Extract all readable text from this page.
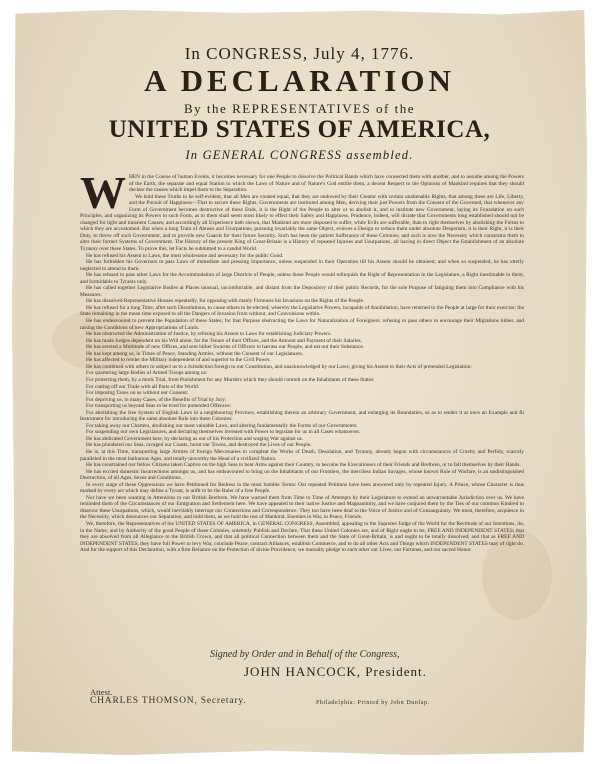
In CONGRESS, July 4, 1776.
A DECLARATION
By the REPRESENTATIVES of the
UNITED STATES OF AMERICA,
In GENERAL CONGRESS assembled.
W HEN in the Course of human Events, it becomes necessary for one People to dissolve the Political Bands which have connected them with another, and to assume among the Powers of the Earth, the separate and equal Station to which the Laws of Nature and of Nature's God entitle them, a decent Respect to the Opinions of Mankind requires that they should declare the causes which impel them to the Separation.

We hold these Truths to be self-evident, that all Men are created equal, that they are endowed by their Creator with certain unalienable Rights, that among these are Life, Liberty, and the Pursuit of Happiness—That to secure these Rights, Governments are instituted among Men, deriving their just Powers from the Consent of the Governed, that whenever any Form of Government becomes destructive of these Ends, it is the Right of the People to alter or to abolish it, and to institute new Government, laying its Foundation on such Principles, and organizing its Powers in such Form, as to them shall seem most likely to effect their Safety and Happiness. Prudence, indeed, will dictate that Governments long established should not be changed for light and transient Causes; and accordingly all Experience hath shewn, that Mankind are more disposed to suffer, while Evils are sufferable, than to right themselves by abolishing the Forms to which they are accustomed. But when a long Train of Abuses and Usurpations, pursuing invariably the same Object, evinces a Design to reduce them under absolute Despotism, it is their Right, it is their Duty, to throw off such Government, and to provide new Guards for their future Security. Such has been the patient Sufferance of these Colonies; and such is now the Necessity which constrains them to alter their former Systems of Government. The History of the present King of Great-Britain is a History of repeated Injuries and Usurpations, all having in direct Object the Establishment of an absolute Tyranny over these States. To prove this, let Facts be submitted to a candid World.

He has refused his Assent to Laws, the most wholesome and necessary for the public Good.

He has forbidden his Governors to pass Laws of immediate and pressing Importance, unless suspended in their Operation till his Assent should be obtained; and when so suspended, he has utterly neglected to attend to them.

He has refused to pass other Laws for the Accommodation of large Districts of People, unless those People would relinquish the Right of Representation in the Legislature, a Right inestimable to them, and formidable to Tyrants only.

He has called together Legislative Bodies at Places unusual, uncomfortable, and distant from the Depository of their public Records, for the sole Purpose of fatiguing them into Compliance with his Measures.

He has dissolved Representative Houses repeatedly, for opposing with manly Firmness his Invasions on the Rights of the People.

He has refused for a long Time, after such Dissolutions, to cause others to be elected; whereby the Legislative Powers, incapable of Annihilation, have returned to the People at large for their exercise; the State remaining in the mean time exposed to all the Dangers of Invasion from without, and Convulsions within.

He has endeavoured to prevent the Population of these States; for that Purpose obstructing the Laws for Naturalization of Foreigners; refusing to pass others to encourage their Migrations hither, and raising the Conditions of new Appropriations of Lands.

He has obstructed the Administration of Justice, by refusing his Assent to Laws for establishing Judiciary Powers.

He has made Judges dependent on his Will alone, for the Tenure of their Offices, and the Amount and Payment of their Salaries.

He has erected a Multitude of new Offices, and sent hither Swarms of Officers to harrass our People, and eat out their Substance.

He has kept among us, in Times of Peace, Standing Armies, without the Consent of our Legislatures.

He has affected to render the Military independent of and superior to the Civil Power.

He has combined with others to subject us to a Jurisdiction foreign to our Constitution, and unacknowledged by our Laws; giving his Assent to their Acts of pretended Legislation:

For quartering large Bodies of Armed Troops among us:

For protecting them, by a mock Trial, from Punishment for any Murders which they should commit on the Inhabitants of these States:

For cutting off our Trade with all Parts of the World:

For imposing Taxes on us without our Consent:

For depriving us, in many Cases, of the Benefits of Trial by Jury:

For transporting us beyond Seas to be tried for pretended Offences:

For abolishing the free System of English Laws in a neighbouring Province, establishing therein an arbitrary Government, and enlarging its Boundaries, so as to render it at once an Example and fit Instrument for introducing the same absolute Rule into these Colonies:

For taking away our Charters, abolishing our most valuable Laws, and altering fundamentally the Forms of our Governments:

For suspending our own Legislatures, and declaring themselves invested with Power to legislate for us in all Cases whatsoever.

He has abdicated Government here, by declaring us out of his Protection and waging War against us.

He has plundered our Seas, ravaged our Coasts, burnt our Towns, and destroyed the Lives of our People.

He is, at this Time, transporting large Armies of foreign Mercenaries to compleat the Works of Death, Desolation, and Tyranny, already begun with circumstances of Cruelty and Perfidy, scarcely paralleled in the most barbarous Ages, and totally unworthy the Head of a civilized Nation.

He has constrained our fellow Citizens taken Captive on the high Seas to bear Arms against their Country, to become the Executioners of their Friends and Brethren, or to fall themselves by their Hands.

He has excited domestic Insurrections amongst us, and has endeavoured to bring on the Inhabitants of our Frontiers, the merciless Indian Savages, whose known Rule of Warfare, is an undistinguished Destruction, of all Ages, Sexes and Conditions.

In every stage of these Oppressions we have Petitioned for Redress in the most humble Terms: Our repeated Petitions have been answered only by repeated Injury. A Prince, whose Character is thus marked by every act which may define a Tyrant, is unfit to be the Ruler of a free People.

Nor have we been wanting in Attentions to our British Brethren. We have warned them from Time to Time of Attempts by their Legislature to extend an unwarrantable Jurisdiction over us. We have reminded them of the Circumstances of our Emigration and Settlement here. We have appealed to their native Justice and Magnanimity, and we have conjured them by the Ties of our common Kindred to disavow these Usurpations, which, would inevitably interrupt our Connections and Correspondence. They too have been deaf to the Voice of Justice and of Consanguinity. We must, therefore, acquiesce in the Necessity, which denounces our Separation, and hold them, as we hold the rest of Mankind, Enemies in War, in Peace, Friends.

We, therefore, the Representatives of the UNITED STATES OF AMERICA, in GENERAL CONGRESS, Assembled, appealing to the Supreme Judge of the World for the Rectitude of our Intentions, do, in the Name, and by Authority of the good People of these Colonies, solemnly Publish and Declare, That these United Colonies are, and of Right ought to be, FREE AND INDEPENDENT STATES; that they are absolved from all Allegiance to the British Crown, and that all political Connection between them and the State of Great-Britain, is and ought to be totally dissolved; and that as FREE AND INDEPENDENT STATES, they have full Power to levy War, conclude Peace, contract Alliances, establish Commerce, and to do all other Acts and Things which INDEPENDENT STATES may of right do. And for the support of this Declaration, with a firm Reliance on the Protection of divine Providence, we mutually pledge to each other our Lives, our Fortunes, and our sacred Honor.

Signed by Order and in Behalf of the Congress,
JOHN HANCOCK, President.
Attest.
CHARLES THOMSON, Secretary.	Philadelphia: Printed by John Dunlap.
